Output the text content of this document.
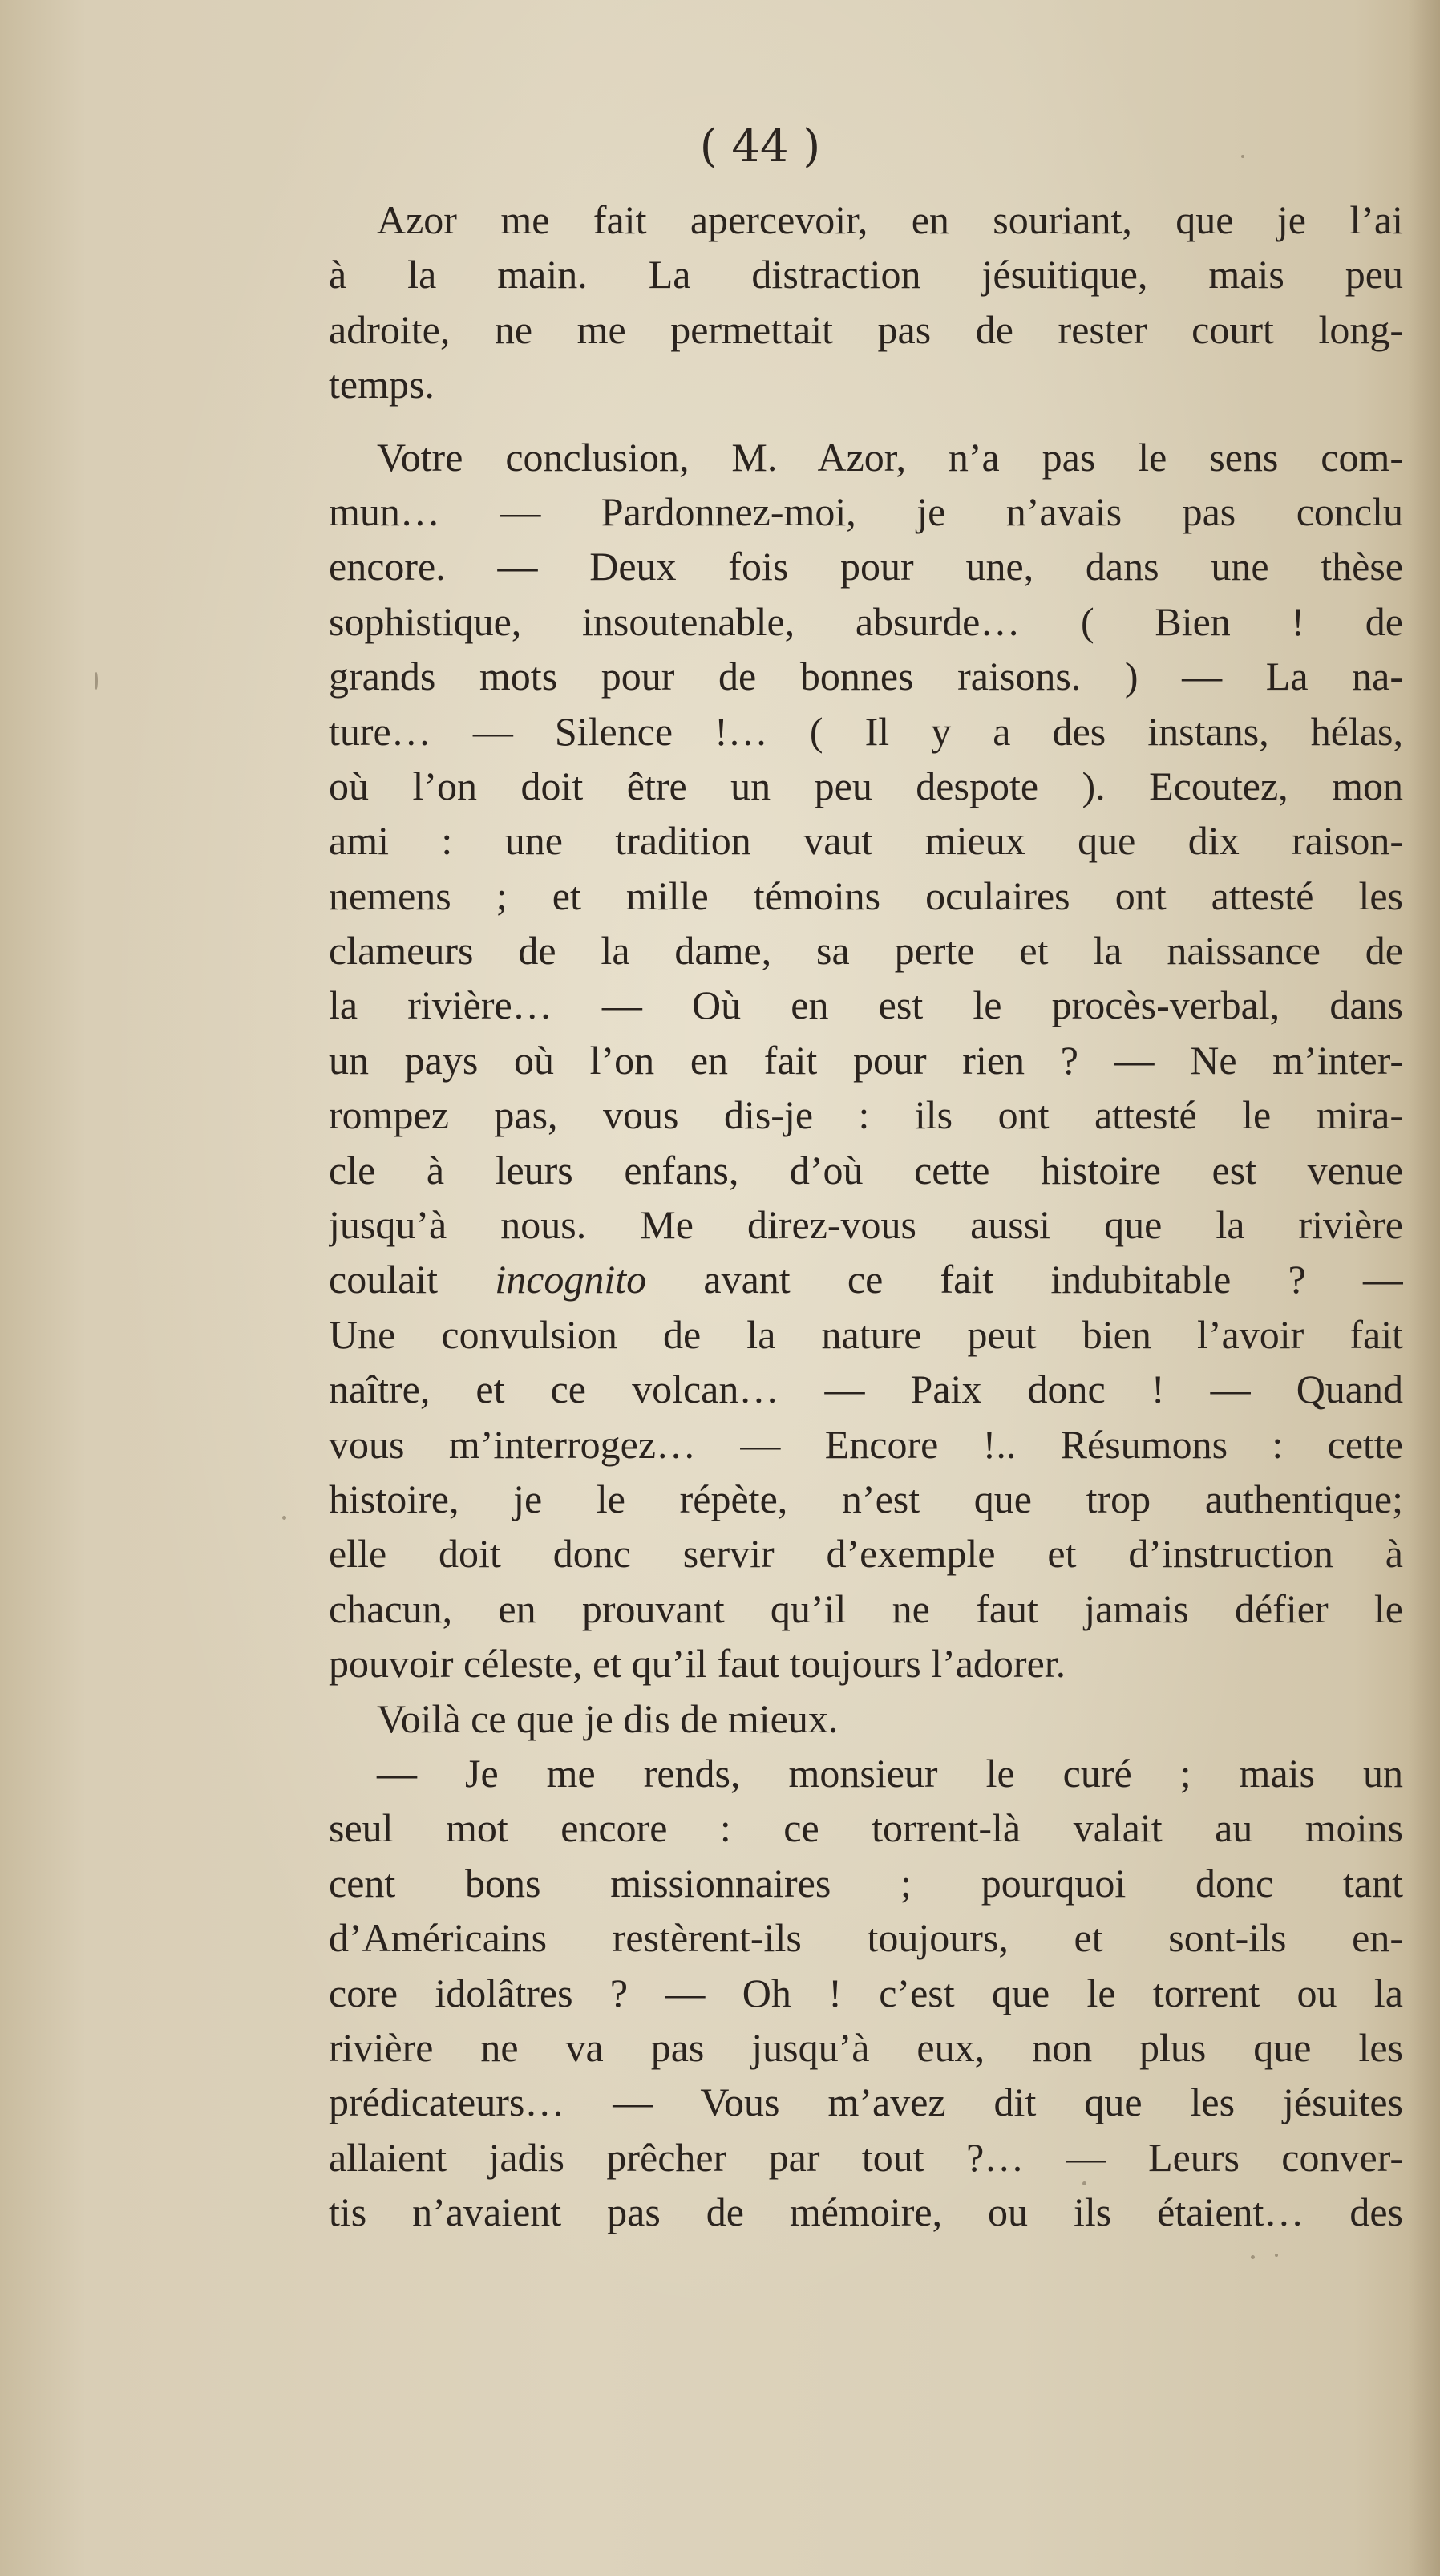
( 44 )
Azor me fait apercevoir, en souriant, que je l’ai
à la main. La distraction jésuitique, mais peu
adroite, ne me permettait pas de rester court long-
temps.
Votre conclusion, M. Azor, n’a pas le sens com-
mun… — Pardonnez-moi, je n’avais pas conclu
encore. — Deux fois pour une, dans une thèse
sophistique, insoutenable, absurde… ( Bien ! de
grands mots pour de bonnes raisons. ) — La na-
ture… — Silence !… ( Il y a des instans, hélas,
où l’on doit être un peu despote ). Ecoutez, mon
ami : une tradition vaut mieux que dix raison-
nemens ; et mille témoins oculaires ont attesté les
clameurs de la dame, sa perte et la naissance de
la rivière… — Où en est le procès-verbal, dans
un pays où l’on en fait pour rien ? — Ne m’inter-
rompez pas, vous dis-je : ils ont attesté le mira-
cle à leurs enfans, d’où cette histoire est venue
jusqu’à nous. Me direz-vous aussi que la rivière
coulait incognito avant ce fait indubitable ? —
Une convulsion de la nature peut bien l’avoir fait
naître, et ce volcan… — Paix donc ! — Quand
vous m’interrogez… — Encore !.. Résumons : cette
histoire, je le répète, n’est que trop authentique;
elle doit donc servir d’exemple et d’instruction à
chacun, en prouvant qu’il ne faut jamais défier le
pouvoir céleste, et qu’il faut toujours l’adorer.
Voilà ce que je dis de mieux.
— Je me rends, monsieur le curé ; mais un
seul mot encore : ce torrent-là valait au moins
cent bons missionnaires ; pourquoi donc tant
d’Américains restèrent-ils toujours, et sont-ils en-
core idolâtres ? — Oh ! c’est que le torrent ou la
rivière ne va pas jusqu’à eux, non plus que les
prédicateurs… — Vous m’avez dit que les jésuites
allaient jadis prêcher par tout ?… — Leurs conver-
tis n’avaient pas de mémoire, ou ils étaient… des
